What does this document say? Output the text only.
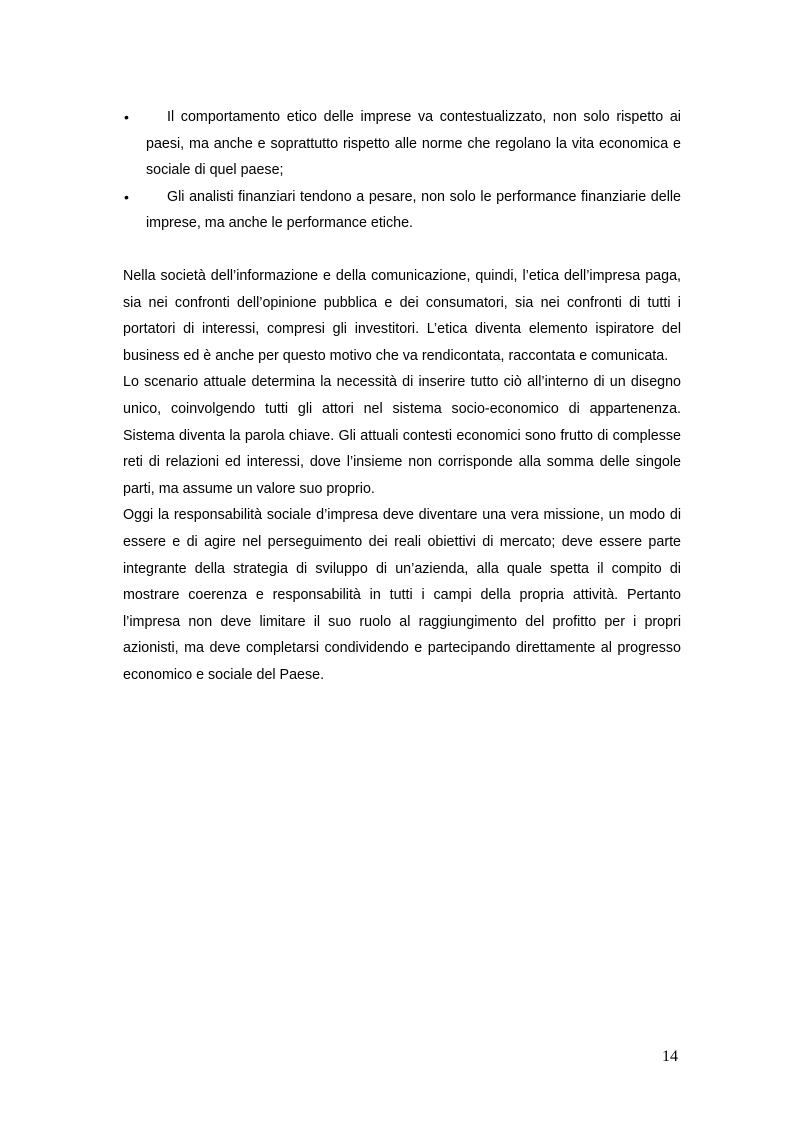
•	Il comportamento etico delle imprese va contestualizzato, non solo rispetto ai paesi, ma anche e soprattutto rispetto alle norme che regolano la vita economica e sociale di quel paese;
•	Gli analisti finanziari tendono a pesare, non solo le performance finanziarie delle imprese, ma anche le performance etiche.

Nella società dell’informazione e della comunicazione, quindi, l’etica dell’impresa paga, sia nei confronti dell’opinione pubblica e dei consumatori, sia nei confronti di tutti i portatori di interessi, compresi gli investitori. L’etica diventa elemento ispiratore del business ed è anche per questo motivo che va rendicontata, raccontata e comunicata.

Lo scenario attuale determina la necessità di inserire tutto ciò all’interno di un disegno unico, coinvolgendo tutti gli attori nel sistema socio-economico di appartenenza. Sistema diventa la parola chiave. Gli attuali contesti economici sono frutto di complesse reti di relazioni ed interessi, dove l’insieme non corrisponde alla somma delle singole parti, ma assume un valore suo proprio.

Oggi la responsabilità sociale d’impresa deve diventare una vera missione, un modo di essere e di agire nel perseguimento dei reali obiettivi di mercato; deve essere parte integrante della strategia di sviluppo di un’azienda, alla quale spetta il compito di mostrare coerenza e responsabilità in tutti i campi della propria attività. Pertanto l’impresa non deve limitare il suo ruolo al raggiungimento del profitto per i propri azionisti, ma deve completarsi condividendo e partecipando direttamente al progresso economico e sociale del Paese.

14
